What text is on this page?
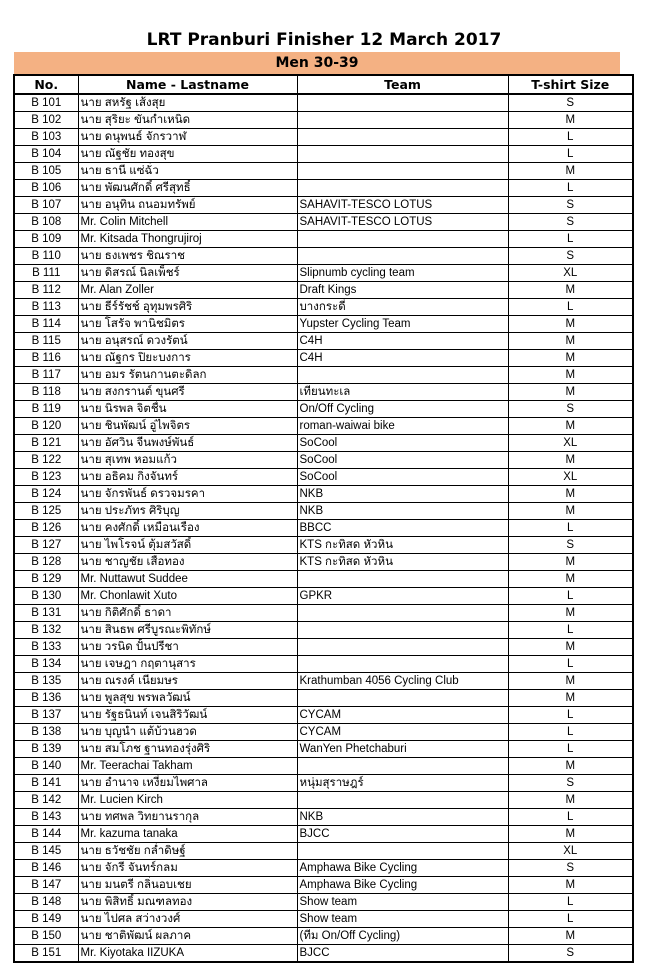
LRT Pranburi Finisher 12 March 2017
Men 30-39
No.	Name - Lastname	Team	T-shirt Size
B 101	นาย สหรัฐ เส้งสุย		S
B 102	นาย สุริยะ ขันกำเหนิด		M
B 103	นาย ดนุพนธ์ จักรวาฬ		L
B 104	นาย ณัฐชัย ทองสุข		L
B 105	นาย ธานี แซ่ฉั่ว		M
B 106	นาย พัฒนศักดิ์ ศรีสุทธิ์		L
B 107	นาย อนุทิน ถนอมทรัพย์	SAHAVIT-TESCO LOTUS	S
B 108	Mr. Colin Mitchell	SAHAVIT-TESCO LOTUS	S
B 109	Mr. Kitsada Thongrujiroj		L
B 110	นาย ธงเพชร ชิณราช		S
B 111	นาย ดิสรณ์ นิลเพ็ชร์	Slipnumb cycling team	XL
B 112	Mr. Alan Zoller	Draft Kings	M
B 113	นาย ธีร์รัชช์ อุทุมพรศิริ	บางกระดี่	L
B 114	นาย โสรัจ พานิชมิตร	Yupster Cycling Team	M
B 115	นาย อนุสรณ์ ดวงรัตน์	C4H	M
B 116	นาย ณัฐกร ปิยะบงการ	C4H	M
B 117	นาย อมร รัตนกานตะดิลก		M
B 118	นาย สงกรานต์ ขุนศรี	เทียนทะเล	M
B 119	นาย นิรพล จิตชื่น	On/Off Cycling	S
B 120	นาย ชินพัฒน์ อู่ไพจิตร	roman-waiwai bike	M
B 121	นาย อัศวิน จีนพงษ์พันธ์	SoCool	XL
B 122	นาย สุเทพ หอมแก้ว	SoCool	M
B 123	นาย อธิคม กิ่งจันทร์	SoCool	XL
B 124	นาย จักรพันธ์ ดรวจมรคา	NKB	M
B 125	นาย ประภัทร ศิริบุญ	NKB	M
B 126	นาย คงศักดิ์ เหมือนเรือง	BBCC	L
B 127	นาย ไพโรจน์ ตุ้มสวัสดิ์	KTS กะทิสด หัวหิน	S
B 128	นาย ชาญชัย เสือทอง	KTS กะทิสด หัวหิน	M
B 129	Mr. Nuttawut Suddee		M
B 130	Mr. Chonlawit Xuto	GPKR	L
B 131	นาย กิติศักดิ์ ธาดา		M
B 132	นาย สินธพ ศรีบูรณะพิทักษ์		L
B 133	นาย วรนิด ปั้นปรีชา		M
B 134	นาย เจษฎา กฤตานุสาร		L
B 135	นาย ณรงค์ เนียมษร	Krathumban 4056 Cycling Club	M
B 136	นาย พูลสุข พรพลวัฒน์		M
B 137	นาย รัฐธนินท์ เจนสิริวัฒน์	CYCAM	L
B 138	นาย บุญนำ แต้บ้วนฮวด	CYCAM	L
B 139	นาย สมโภช ฐานทองรุ่งศิริ	WanYen Phetchaburi	L
B 140	Mr. Teerachai Takham		M
B 141	นาย อำนาจ เหงี่ยมไพศาล	หนุ่มสุราษฎร์	S
B 142	Mr. Lucien Kirch		M
B 143	นาย ทศพล วิทยานรากุล	NKB	L
B 144	Mr. kazuma tanaka	BJCC	M
B 145	นาย ธวัชชัย กล่ำดิษฐ์		XL
B 146	นาย จักรี จันทร์กลม	Amphawa Bike Cycling	S
B 147	นาย มนตรี กลิ่นอบเชย	Amphawa Bike Cycling	M
B 148	นาย พิสิทธิ์ มณฑลทอง	Show team	L
B 149	นาย ไปศล สว่างวงศ์	Show team	L
B 150	นาย ชาติพัฒน์ ผลภาค	(ทีม On/Off Cycling)	M
B 151	Mr. Kiyotaka IIZUKA	BJCC	S
